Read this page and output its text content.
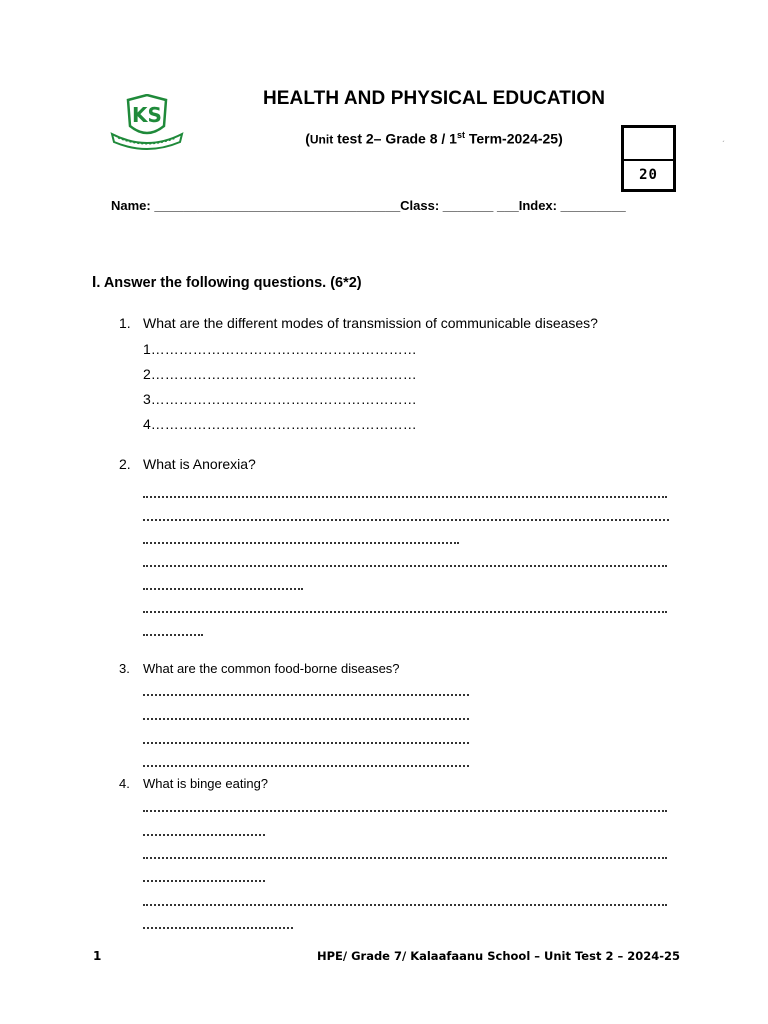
KS
HEALTH AND PHYSICAL EDUCATION
(Unit test 2– Grade 8 / 1st Term-2024-25)
20
´
Name: __________________________________Class: _______ ___Index: _________
I. Answer the following questions. (6*2)
1. What are the different modes of transmission of communicable diseases?
1…………………………………………………
2…………………………………………………
3…………………………………………………
4…………………………………………………
2. What is Anorexia?
3. What are the common food-borne diseases?
4. What is binge eating?
1	HPE/ Grade 7/ Kalaafaanu School – Unit Test 2 – 2024-25
